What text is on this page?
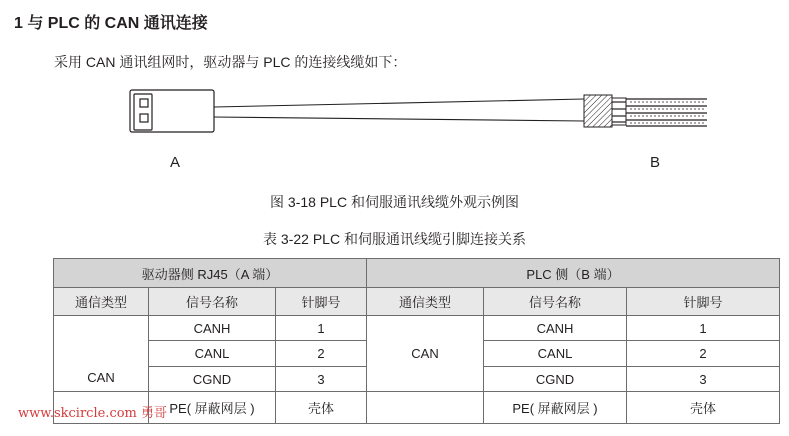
1 与 PLC 的 CAN 通讯连接
采用 CAN 通讯组网时，驱动器与 PLC 的连接线缆如下：
A	B
图 3-18 PLC 和伺服通讯线缆外观示例图
表 3-22 PLC 和伺服通讯线缆引脚连接关系
驱动器侧 RJ45（A 端）			PLC 侧（B 端）		
通信类型	信号名称	针脚号	通信类型	信号名称	针脚号
CAN	CANH	1	CAN	CANH	1
	CANL	2		CANL	2
	CGND	3		CGND	3
	PE( 屏蔽网层 )	壳体		PE( 屏蔽网层 )	壳体
www.skcircle.com 勇哥
